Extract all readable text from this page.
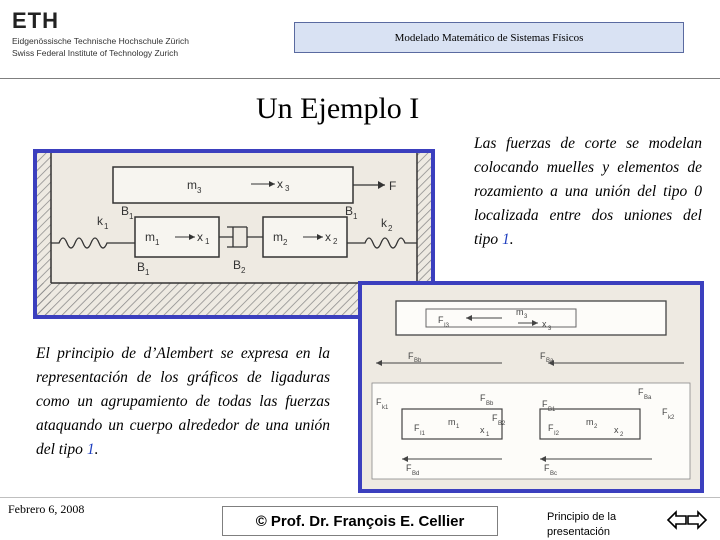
ETH
Eidgenössische Technische Hochschule Zürich
Swiss Federal Institute of Technology Zurich
Modelado Matemático de Sistemas Físicos
Un Ejemplo I
Las fuerzas de corte se modelan colocando muelles y elementos de rozamiento a una unión del tipo 0 localizada entre dos uniones del tipo 1.
m 3	x 3	F
m 1	x 1	m 2	x 2
k 1	k 2
B 1	B 1
B 1
B 2
El principio de d’Alembert se expresa en la representación de los gráficos de ligaduras como un agrupamiento de todas las fuerzas ataquando un cuerpo alrededor de una unión del tipo 1.
F
I3
m 3
x 3
F Bb	F Ba
m 1 x 1
F
I1
m 2 x 2
F
I2
F
k1
F
Bb
F
B2
F
B1
F
Ba
F
k2
F
Bd
F
Bc
Febrero 6, 2008
© Prof. Dr. François E. Cellier	Principio de la presentación
